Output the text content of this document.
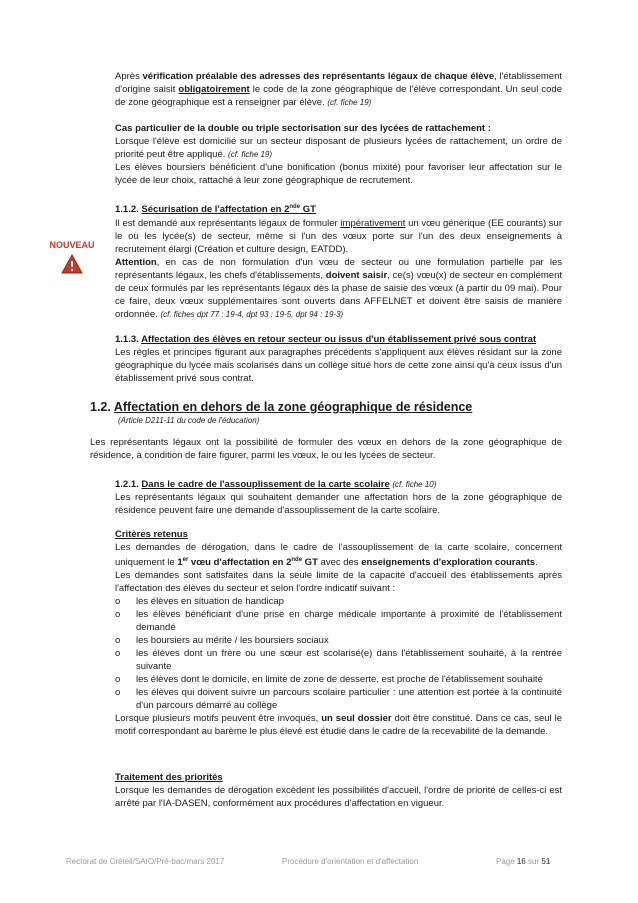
Après vérification préalable des adresses des représentants légaux de chaque élève, l'établissement d'origine saisit obligatoirement le code de la zone géographique de l'élève correspondant. Un seul code de zone géographique est à renseigner par élève. (cf. fiche 19)

Cas particulier de la double ou triple sectorisation sur des lycées de rattachement :

Lorsque l'élève est domicilié sur un secteur disposant de plusieurs lycées de rattachement, un ordre de priorité peut être appliqué. (cf. fiche 19)

Les élèves boursiers bénéficient d'une bonification (bonus mixité) pour favoriser leur affectation sur le lycée de leur choix, rattaché à leur zone géographique de recrutement.

1.1.2. Sécurisation de l'affectation en 2nde GT

Il est demandé aux représentants légaux de formuler impérativement un vœu générique (EE courants) sur le ou les lycée(s) de secteur, même si l'un des vœux porte sur l'un des deux enseignements à recrutement élargi (Création et culture design, EATDD).

Attention, en cas de non formulation d'un vœu de secteur ou une formulation partielle par les représentants légaux, les chefs d'établissements, doivent saisir, ce(s) vœu(x) de secteur en complément de ceux formulés par les représentants légaux dès la phase de saisie des vœux (à partir du 09 mai). Pour ce faire, deux vœux supplémentaires sont ouverts dans AFFELNET et doivent être saisis de manière ordonnée. (cf. fiches dpt 77 : 19-4, dpt 93 : 19-5, dpt 94 : 19-3)

NOUVEAU

1.1.3. Affectation des élèves en retour secteur ou issus d'un établissement privé sous contrat

Les règles et principes figurant aux paragraphes précédents s'appliquent aux élèves résidant sur la zone géographique du lycée mais scolarisés dans un collège situé hors de cette zone ainsi qu'à ceux issus d'un établissement privé sous contrat.

1.2. Affectation en dehors de la zone géographique de résidence

(Article D211-11 du code de l'éducation)

Les représentants légaux ont la possibilité de formuler des vœux en dehors de la zone géographique de résidence, à condition de faire figurer, parmi les vœux, le ou les lycées de secteur.

1.2.1. Dans le cadre de l'assouplissement de la carte scolaire (cf. fiche 10)

Les représentants légaux qui souhaitent demander une affectation hors de la zone géographique de résidence peuvent faire une demande d'assouplissement de la carte scolaire.

Critères retenus

Les demandes de dérogation, dans le cadre de l'assouplissement de la carte scolaire, concernent uniquement le 1er vœu d'affectation en 2nde GT avec des enseignements d'exploration courants.

Les demandes sont satisfaites dans la seule limite de la capacité d'accueil des établissements après l'affectation des élèves du secteur et selon l'ordre indicatif suivant :

o les élèves en situation de handicap
o les élèves bénéficiant d'une prise en charge médicale importante à proximité de l'établissement demandé
o les boursiers au mérite / les boursiers sociaux
o les élèves dont un frère ou une sœur est scolarisé(e) dans l'établissement souhaité, à la rentrée suivante
o les élèves dont le domicile, en limite de zone de desserte, est proche de l'établissement souhaité
o les élèves qui doivent suivre un parcours scolaire particulier : une attention est portée à la continuité d'un parcours démarré au collège

Lorsque plusieurs motifs peuvent être invoqués, un seul dossier doit être constitué. Dans ce cas, seul le motif correspondant au barème le plus élevé est étudié dans le cadre de la recevabilité de la demande.

Traitement des priorités

Lorsque les demandes de dérogation excèdent les possibilités d'accueil, l'ordre de priorité de celles-ci est arrêté par l'IA-DASEN, conformément aux procédures d'affectation en vigueur.

Rectorat de Créteil/SAIO/Pré-bac/mars 2017	Procédure d'orientation et d'affectation	Page 16 sur 51
